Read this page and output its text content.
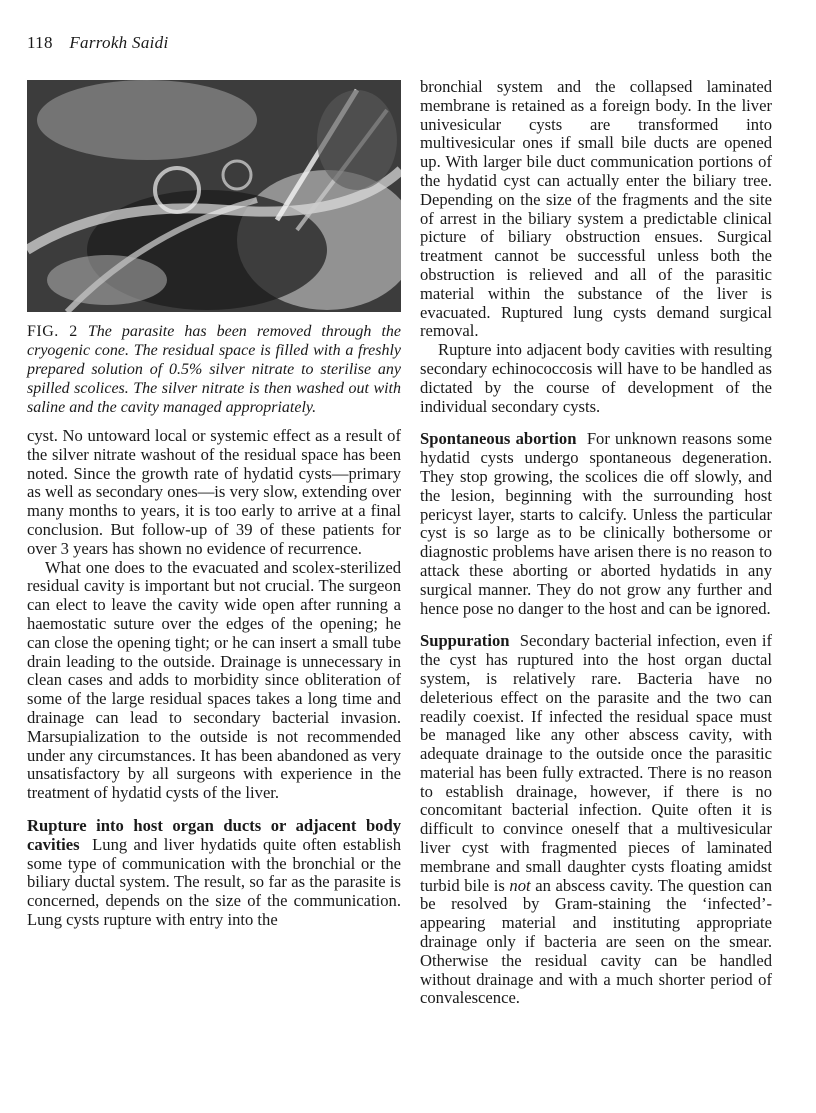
118 Farrokh Saidi
FIG. 2 The parasite has been removed through the cryogenic cone. The residual space is filled with a freshly prepared solution of 0.5% silver nitrate to sterilise any spilled scolices. The silver nitrate is then washed out with saline and the cavity managed appropriately.

cyst. No untoward local or systemic effect as a result of the silver nitrate washout of the residual space has been noted. Since the growth rate of hydatid cysts—primary as well as secondary ones—is very slow, extending over many months to years, it is too early to arrive at a final conclusion. But follow-up of 39 of these patients for over 3 years has shown no evidence of recurrence.

What one does to the evacuated and scolex-sterilized residual cavity is important but not crucial. The surgeon can elect to leave the cavity wide open after running a haemostatic suture over the edges of the opening; he can close the opening tight; or he can insert a small tube drain leading to the outside. Drainage is unnecessary in clean cases and adds to morbidity since obliteration of some of the large residual spaces takes a long time and drainage can lead to secondary bacterial invasion. Marsupialization to the outside is not recommended under any circumstances. It has been abandoned as very unsatisfactory by all surgeons with experience in the treatment of hydatid cysts of the liver.

Rupture into host organ ducts or adjacent body cavities Lung and liver hydatids quite often establish some type of communication with the bronchial or the biliary ductal system. The result, so far as the parasite is concerned, depends on the size of the communication. Lung cysts rupture with entry into the

bronchial system and the collapsed laminated membrane is retained as a foreign body. In the liver univesicular cysts are transformed into multivesicular ones if small bile ducts are opened up. With larger bile duct communication portions of the hydatid cyst can actually enter the biliary tree. Depending on the size of the fragments and the site of arrest in the biliary system a predictable clinical picture of biliary obstruction ensues. Surgical treatment cannot be successful unless both the obstruction is relieved and all of the parasitic material within the substance of the liver is evacuated. Ruptured lung cysts demand surgical removal.

Rupture into adjacent body cavities with resulting secondary echinococcosis will have to be handled as dictated by the course of development of the individual secondary cysts.

Spontaneous abortion For unknown reasons some hydatid cysts undergo spontaneous degeneration. They stop growing, the scolices die off slowly, and the lesion, beginning with the surrounding host pericyst layer, starts to calcify. Unless the particular cyst is so large as to be clinically bothersome or diagnostic problems have arisen there is no reason to attack these aborting or aborted hydatids in any surgical manner. They do not grow any further and hence pose no danger to the host and can be ignored.

Suppuration Secondary bacterial infection, even if the cyst has ruptured into the host organ ductal system, is relatively rare. Bacteria have no deleterious effect on the parasite and the two can readily coexist. If infected the residual space must be managed like any other abscess cavity, with adequate drainage to the outside once the parasitic material has been fully extracted. There is no reason to establish drainage, however, if there is no concomitant bacterial infection. Quite often it is difficult to convince oneself that a multivesicular liver cyst with fragmented pieces of laminated membrane and small daughter cysts floating amidst turbid bile is not an abscess cavity. The question can be resolved by Gram-staining the ‘infected’-appearing material and instituting appropriate drainage only if bacteria are seen on the smear. Otherwise the residual cavity can be handled without drainage and with a much shorter period of convalescence.
